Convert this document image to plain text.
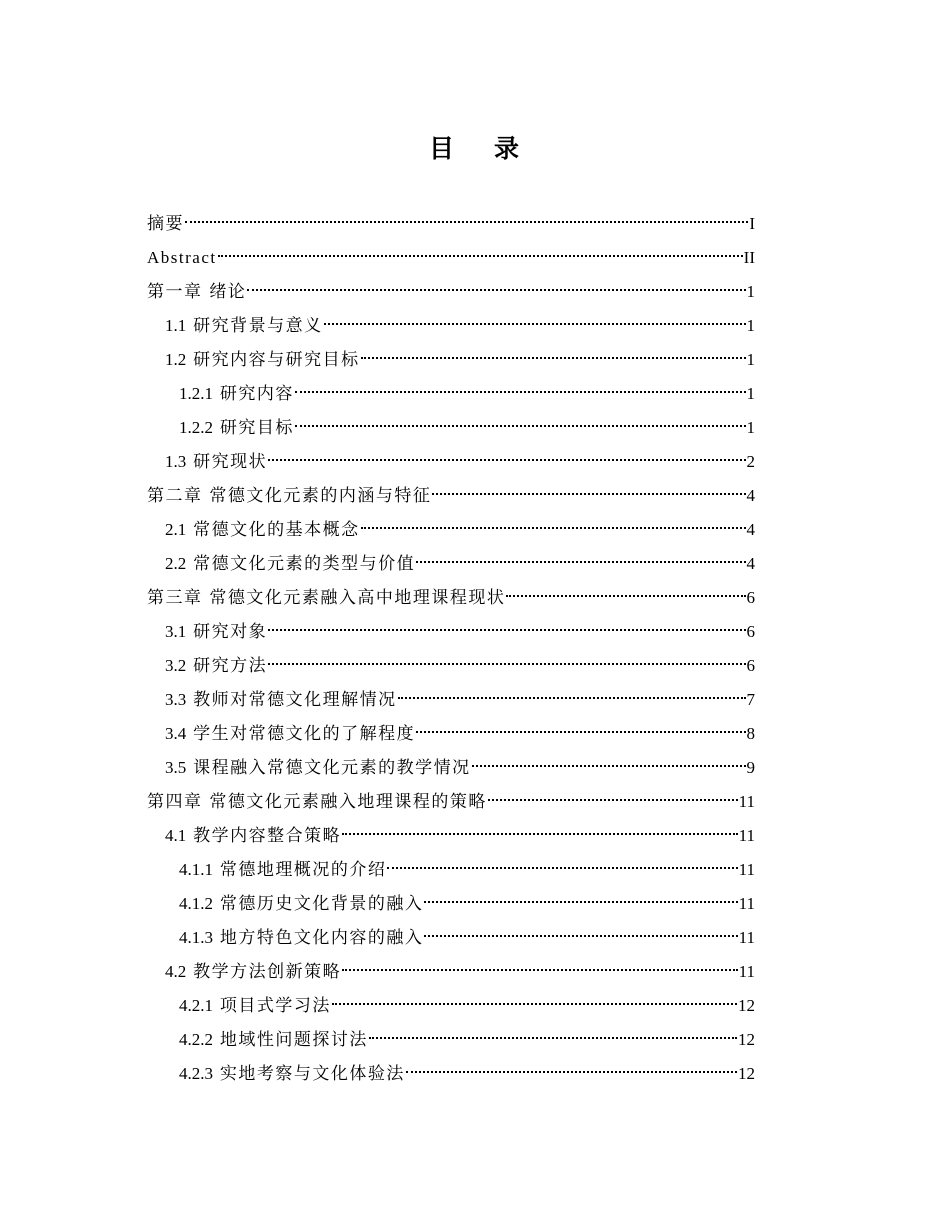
目 录
摘要	I
Abstract	II
第一章 绪论	1
1.1 研究背景与意义	1
1.2 研究内容与研究目标	1
1.2.1 研究内容	1
1.2.2 研究目标	1
1.3 研究现状	2
第二章 常德文化元素的内涵与特征	4
2.1 常德文化的基本概念	4
2.2 常德文化元素的类型与价值	4
第三章 常德文化元素融入高中地理课程现状	6
3.1 研究对象	6
3.2 研究方法	6
3.3 教师对常德文化理解情况	7
3.4 学生对常德文化的了解程度	8
3.5 课程融入常德文化元素的教学情况	9
第四章 常德文化元素融入地理课程的策略	11
4.1 教学内容整合策略	11
4.1.1 常德地理概况的介绍	11
4.1.2 常德历史文化背景的融入	11
4.1.3 地方特色文化内容的融入	11
4.2 教学方法创新策略	11
4.2.1 项目式学习法	12
4.2.2 地域性问题探讨法	12
4.2.3 实地考察与文化体验法	12
